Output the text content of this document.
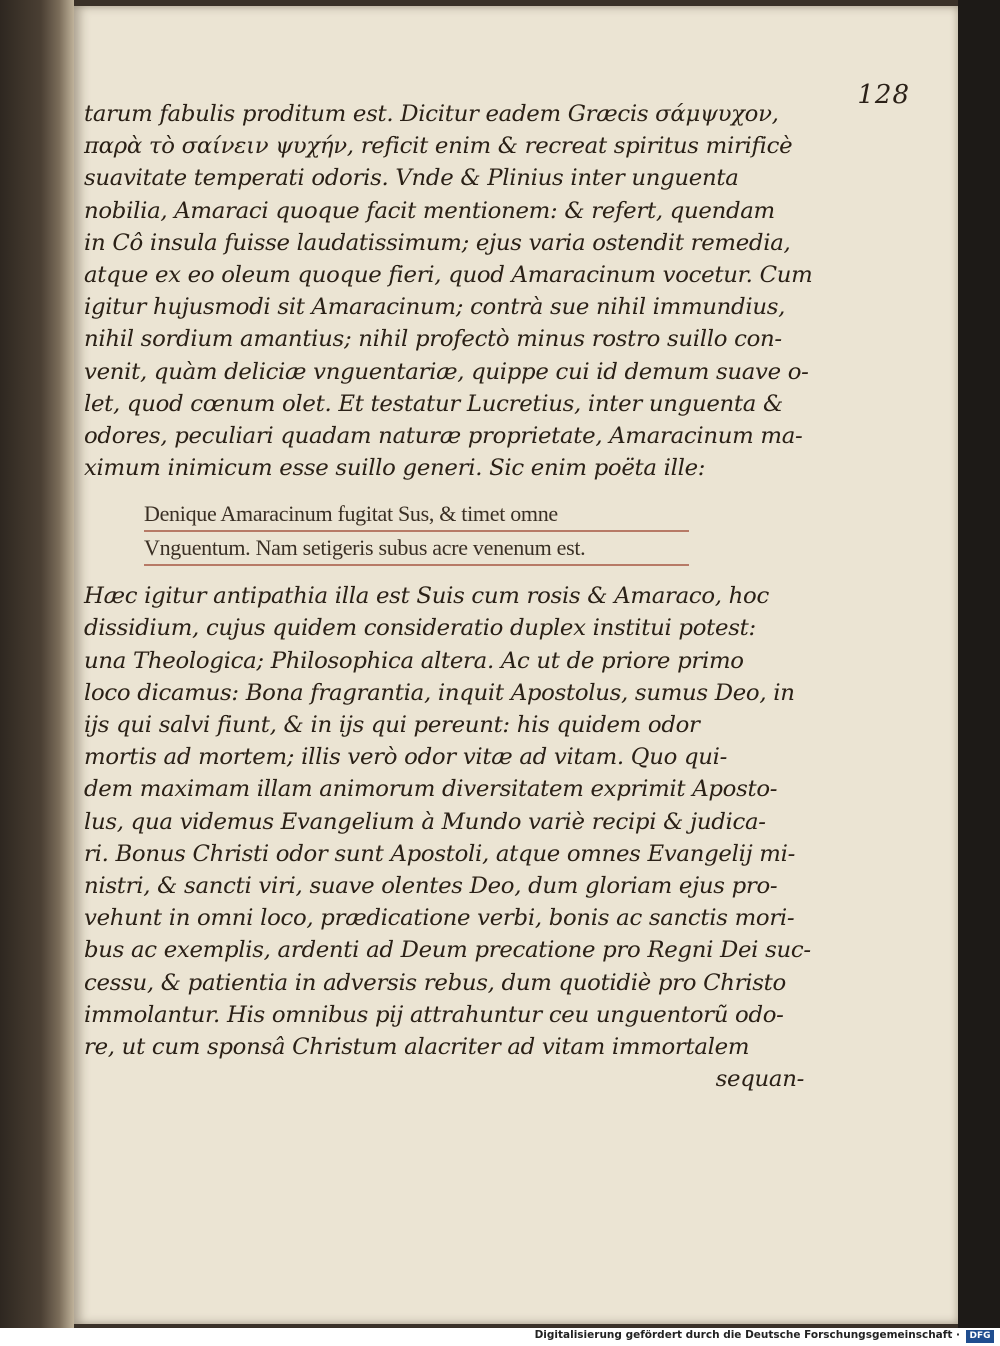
128
tarum fabulis proditum est. Dicitur eadem Græcis σάμψυχον,
παρὰ τὸ σαίνειν ψυχήν, reficit enim & recreat spiritus mirificè
suavitate temperati odoris. Vnde & Plinius inter unguenta
nobilia, Amaraci quoque facit mentionem: & refert, quendam
in Cô insula fuisse laudatissimum; ejus varia ostendit remedia,
atque ex eo oleum quoque fieri, quod Amaracinum vocetur. Cum
igitur hujusmodi sit Amaracinum; contrà sue nihil immundius,
nihil sordium amantius; nihil profectò minus rostro suillo con-
venit, quàm deliciæ vnguentariæ, quippe cui id demum suave o-
let, quod cœnum olet. Et testatur Lucretius, inter unguenta &
odores, peculiari quadam naturæ proprietate, Amaracinum ma-
ximum inimicum esse suillo generi. Sic enim poëta ille:
Denique Amaracinum fugitat Sus, & timet omne
Vnguentum. Nam setigeris subus acre venenum est.
Hæc igitur antipathia illa est Suis cum rosis & Amaraco, hoc
dissidium, cujus quidem consideratio duplex institui potest:
una Theologica; Philosophica altera. Ac ut de priore primo
loco dicamus: Bona fragrantia, inquit Apostolus, sumus Deo, in
ijs qui salvi fiunt, & in ijs qui pereunt: his quidem odor
mortis ad mortem; illis verò odor vitæ ad vitam. Quo qui-
dem maximam illam animorum diversitatem exprimit Aposto-
lus, qua videmus Evangelium à Mundo variè recipi & judica-
ri. Bonus Christi odor sunt Apostoli, atque omnes Evangelij mi-
nistri, & sancti viri, suave olentes Deo, dum gloriam ejus pro-
vehunt in omni loco, prædicatione verbi, bonis ac sanctis mori-
bus ac exemplis, ardenti ad Deum precatione pro Regni Dei suc-
cessu, & patientia in adversis rebus, dum quotidiè pro Christo
immolantur. His omnibus pij attrahuntur ceu unguentorũ odo-
re, ut cum sponsâ Christum alacriter ad vitam immortalem
sequan-
Digitalisierung gefördert durch die Deutsche Forschungsgemeinschaft ·	DFG
